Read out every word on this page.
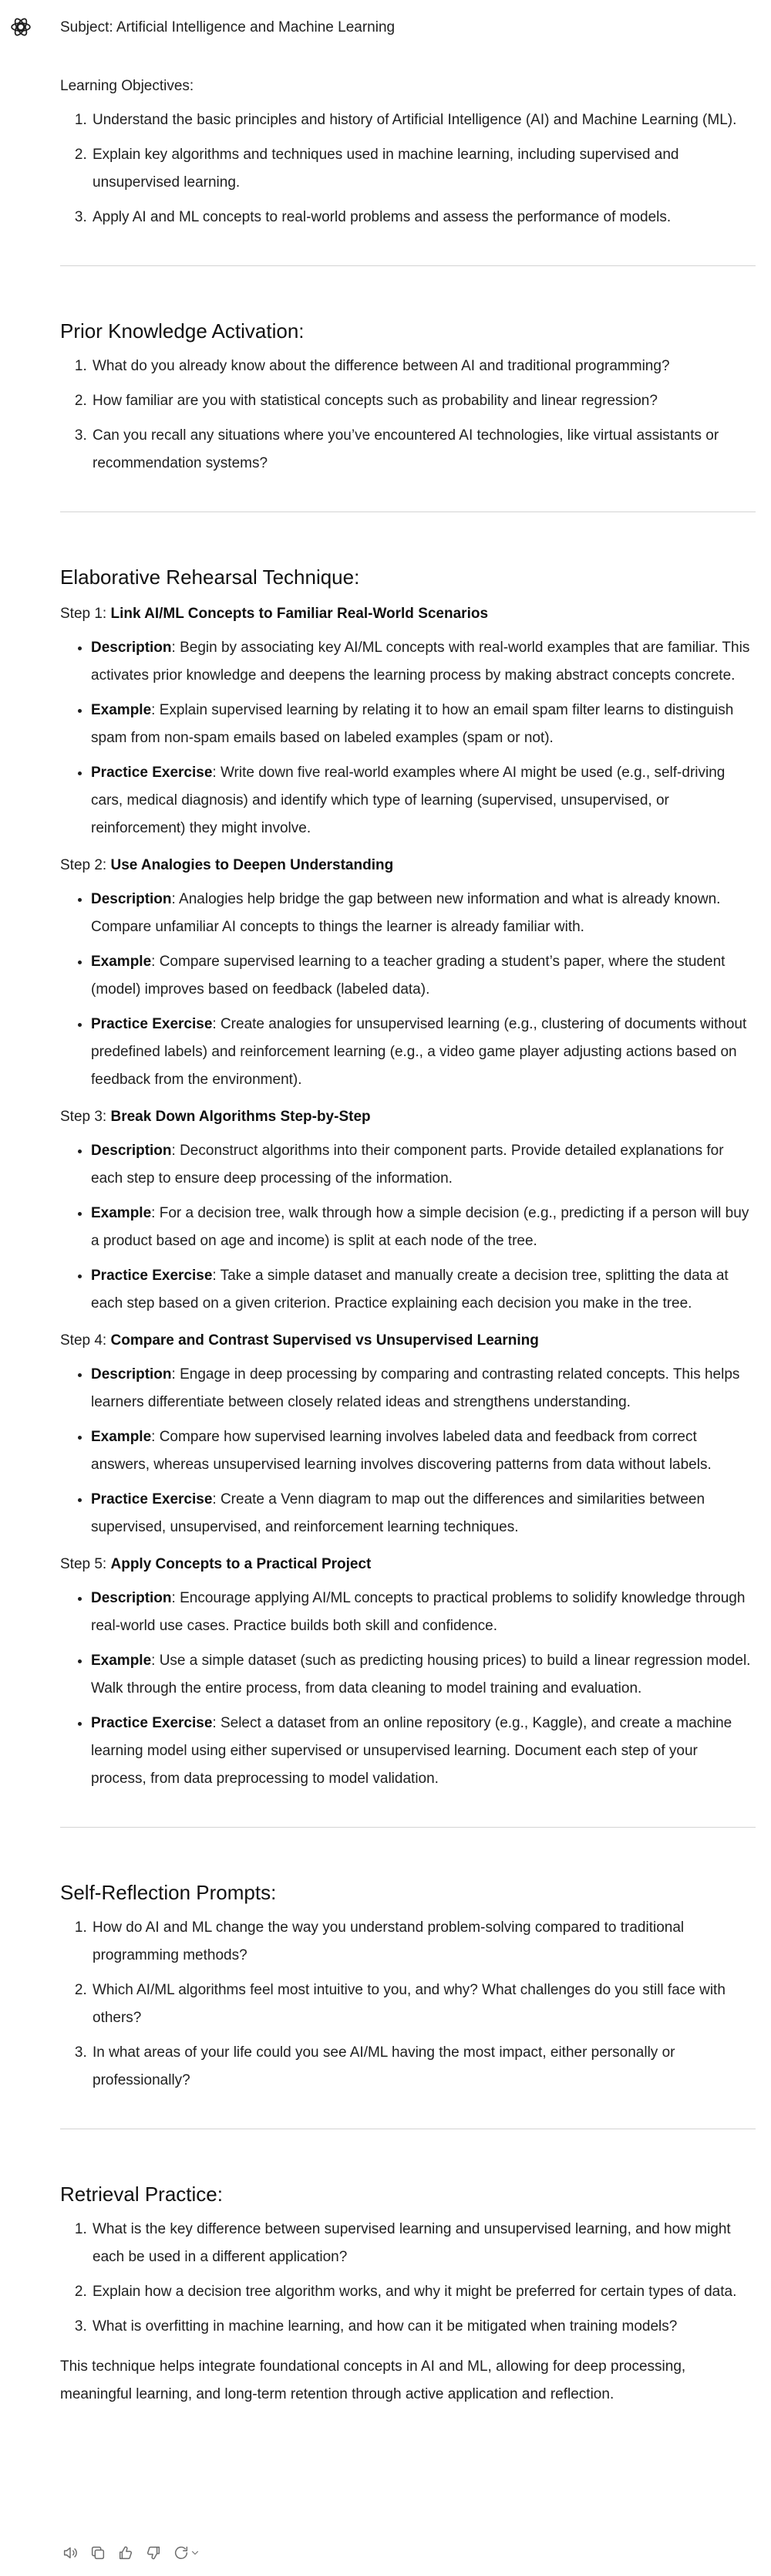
Subject: Artificial Intelligence and Machine Learning

Learning Objectives:

1. Understand the basic principles and history of Artificial Intelligence (AI) and Machine Learning (ML).
2. Explain key algorithms and techniques used in machine learning, including supervised and unsupervised learning.
3. Apply AI and ML concepts to real-world problems and assess the performance of models.
Prior Knowledge Activation:
1. What do you already know about the difference between AI and traditional programming?
2. How familiar are you with statistical concepts such as probability and linear regression?
3. Can you recall any situations where you’ve encountered AI technologies, like virtual assistants or recommendation systems?
Elaborative Rehearsal Technique:

Step 1: Link AI/ML Concepts to Familiar Real-World Scenarios

• Description: Begin by associating key AI/ML concepts with real-world examples that are familiar. This activates prior knowledge and deepens the learning process by making abstract concepts concrete.
• Example: Explain supervised learning by relating it to how an email spam filter learns to distinguish spam from non-spam emails based on labeled examples (spam or not).
• Practice Exercise: Write down five real-world examples where AI might be used (e.g., self-driving cars, medical diagnosis) and identify which type of learning (supervised, unsupervised, or reinforcement) they might involve.

Step 2: Use Analogies to Deepen Understanding

• Description: Analogies help bridge the gap between new information and what is already known. Compare unfamiliar AI concepts to things the learner is already familiar with.
• Example: Compare supervised learning to a teacher grading a student’s paper, where the student (model) improves based on feedback (labeled data).
• Practice Exercise: Create analogies for unsupervised learning (e.g., clustering of documents without predefined labels) and reinforcement learning (e.g., a video game player adjusting actions based on feedback from the environment).

Step 3: Break Down Algorithms Step-by-Step

• Description: Deconstruct algorithms into their component parts. Provide detailed explanations for each step to ensure deep processing of the information.
• Example: For a decision tree, walk through how a simple decision (e.g., predicting if a person will buy a product based on age and income) is split at each node of the tree.
• Practice Exercise: Take a simple dataset and manually create a decision tree, splitting the data at each step based on a given criterion. Practice explaining each decision you make in the tree.

Step 4: Compare and Contrast Supervised vs Unsupervised Learning

• Description: Engage in deep processing by comparing and contrasting related concepts. This helps learners differentiate between closely related ideas and strengthens understanding.
• Example: Compare how supervised learning involves labeled data and feedback from correct answers, whereas unsupervised learning involves discovering patterns from data without labels.
• Practice Exercise: Create a Venn diagram to map out the differences and similarities between supervised, unsupervised, and reinforcement learning techniques.

Step 5: Apply Concepts to a Practical Project

• Description: Encourage applying AI/ML concepts to practical problems to solidify knowledge through real-world use cases. Practice builds both skill and confidence.
• Example: Use a simple dataset (such as predicting housing prices) to build a linear regression model. Walk through the entire process, from data cleaning to model training and evaluation.
• Practice Exercise: Select a dataset from an online repository (e.g., Kaggle), and create a machine learning model using either supervised or unsupervised learning. Document each step of your process, from data preprocessing to model validation.
Self-Reflection Prompts:
1. How do AI and ML change the way you understand problem-solving compared to traditional programming methods?
2. Which AI/ML algorithms feel most intuitive to you, and why? What challenges do you still face with others?
3. In what areas of your life could you see AI/ML having the most impact, either personally or professionally?
Retrieval Practice:
1. What is the key difference between supervised learning and unsupervised learning, and how might each be used in a different application?
2. Explain how a decision tree algorithm works, and why it might be preferred for certain types of data.
3. What is overfitting in machine learning, and how can it be mitigated when training models?

This technique helps integrate foundational concepts in AI and ML, allowing for deep processing, meaningful learning, and long-term retention through active application and reflection.
